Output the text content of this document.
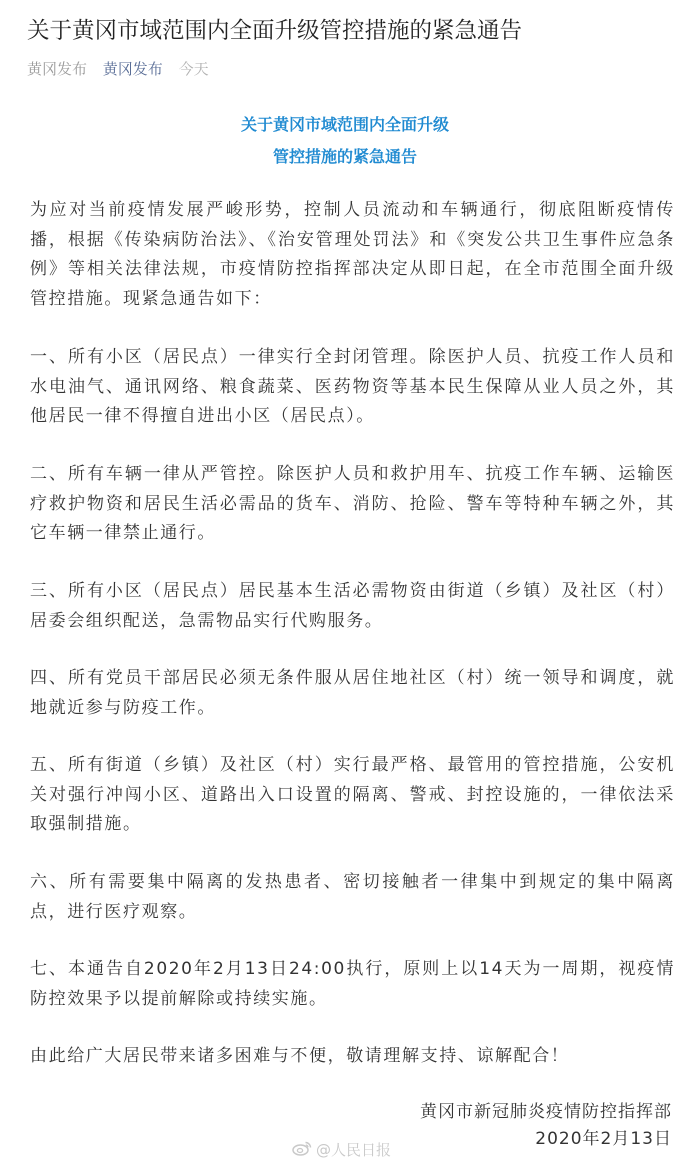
关于黄冈市域范围内全面升级管控措施的紧急通告
黄冈发布 黄冈发布 今天
关于黄冈市域范围内全面升级
管控措施的紧急通告
为应对当前疫情发展严峻形势，控制人员流动和车辆通行，彻底阻断疫情传播，根据《传染病防治法》、《治安管理处罚法》和《突发公共卫生事件应急条例》等相关法律法规，市疫情防控指挥部决定从即日起，在全市范围全面升级管控措施。现紧急通告如下：
一、所有小区（居民点）一律实行全封闭管理。除医护人员、抗疫工作人员和水电油气、通讯网络、粮食蔬菜、医药物资等基本民生保障从业人员之外，其他居民一律不得擅自进出小区（居民点）。
二、所有车辆一律从严管控。除医护人员和救护用车、抗疫工作车辆、运输医疗救护物资和居民生活必需品的货车、消防、抢险、警车等特种车辆之外，其它车辆一律禁止通行。
三、所有小区（居民点）居民基本生活必需物资由街道（乡镇）及社区（村）居委会组织配送，急需物品实行代购服务。
四、所有党员干部居民必须无条件服从居住地社区（村）统一领导和调度，就地就近参与防疫工作。
五、所有街道（乡镇）及社区（村）实行最严格、最管用的管控措施，公安机关对强行冲闯小区、道路出入口设置的隔离、警戒、封控设施的，一律依法采取强制措施。
六、所有需要集中隔离的发热患者、密切接触者一律集中到规定的集中隔离点，进行医疗观察。
七、本通告自2020年2月13日24:00执行，原则上以14天为一周期，视疫情防控效果予以提前解除或持续实施。
由此给广大居民带来诸多困难与不便，敬请理解支持、谅解配合！
黄冈市新冠肺炎疫情防控指挥部
2020年2月13日
@人民日报
